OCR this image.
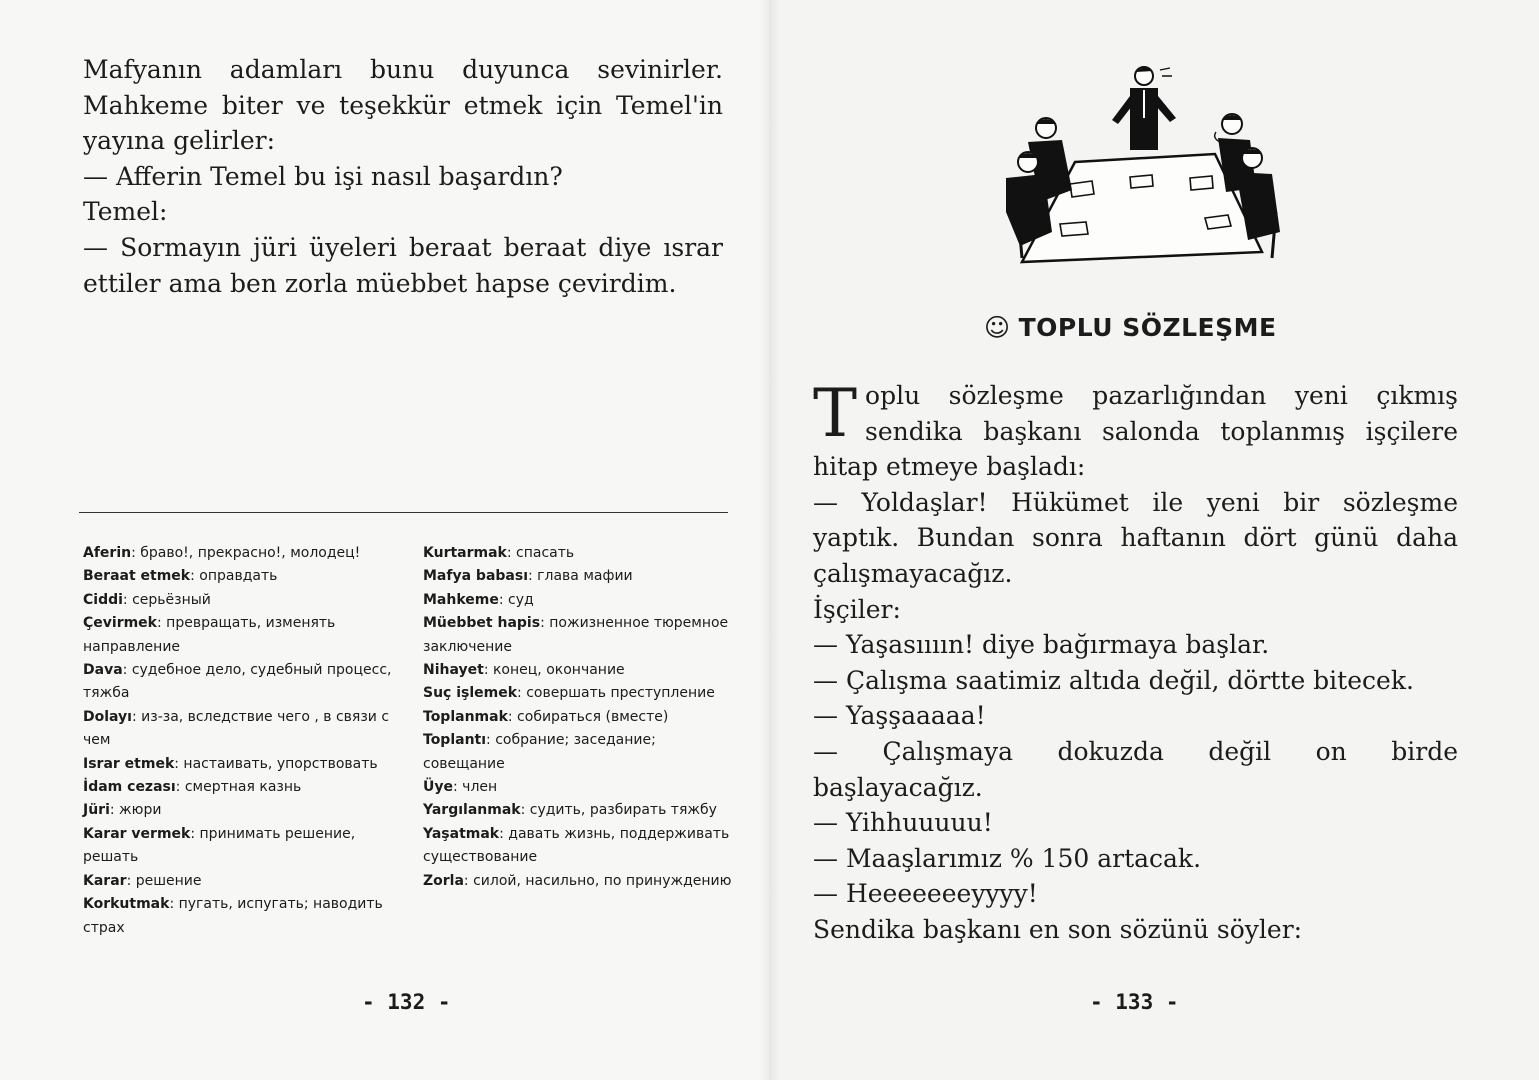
Mafyanın adamları bunu duyunca sevinirler.

Mahkeme biter ve teşekkür etmek için Temel'in

yayına gelirler:

— Afferin Temel bu işi nasıl başardın?

Temel:

— Sormayın jüri üyeleri beraat beraat diye ısrar

ettiler ama ben zorla müebbet hapse çevirdim.

Aferin: браво!, прекрасно!, молодец!
Beraat etmek: оправдать
Ciddi: серьёзный
Çevirmek: превращать, изменять направление
Dava: судебное дело, судебный процесс, тяжба
Dolayı: из-за, вследствие чего , в связи с чем
Israr etmek: настаивать, упорствовать
İdam cezası: смертная казнь
Jüri: жюри
Karar vermek: принимать решение, решать
Karar: решение
Korkutmak: пугать, испугать; наводить страх
Kurtarmak: спасать
Mafya babası: глава мафии
Mahkeme: суд
Müebbet hapis: пожизненное тюремное заключение
Nihayet: конец, окончание
Suç işlemek: совершать преступление
Toplanmak: собираться (вместе)
Toplantı: собрание; заседание; совещание
Üye: член
Yargılanmak: судить, разбирать тяжбу
Yaşatmak: давать жизнь, поддерживать существование
Zorla: силой, насильно, по принуждению
☺ TOPLU SÖZLEŞME
T oplu sözleşme pazarlığından yeni çıkmış

sendika başkanı salonda toplanmış işçilere

hitap etmeye başladı:

— Yoldaşlar! Hükümet ile yeni bir sözleşme

yaptık. Bundan sonra haftanın dört günü daha

çalışmayacağız.

İşçiler:

— Yaşasıııın! diye bağırmaya başlar.

— Çalışma saatimiz altıda değil, dörtte bitecek.

— Yaşşaaaaa!

— Çalışmaya dokuzda değil on birde

başlayacağız.

— Yihhuuuuu!

— Maaşlarımız % 150 artacak.

— Heeeeeeeyyyy!

Sendika başkanı en son sözünü söyler:

- 132 -	- 133 -
